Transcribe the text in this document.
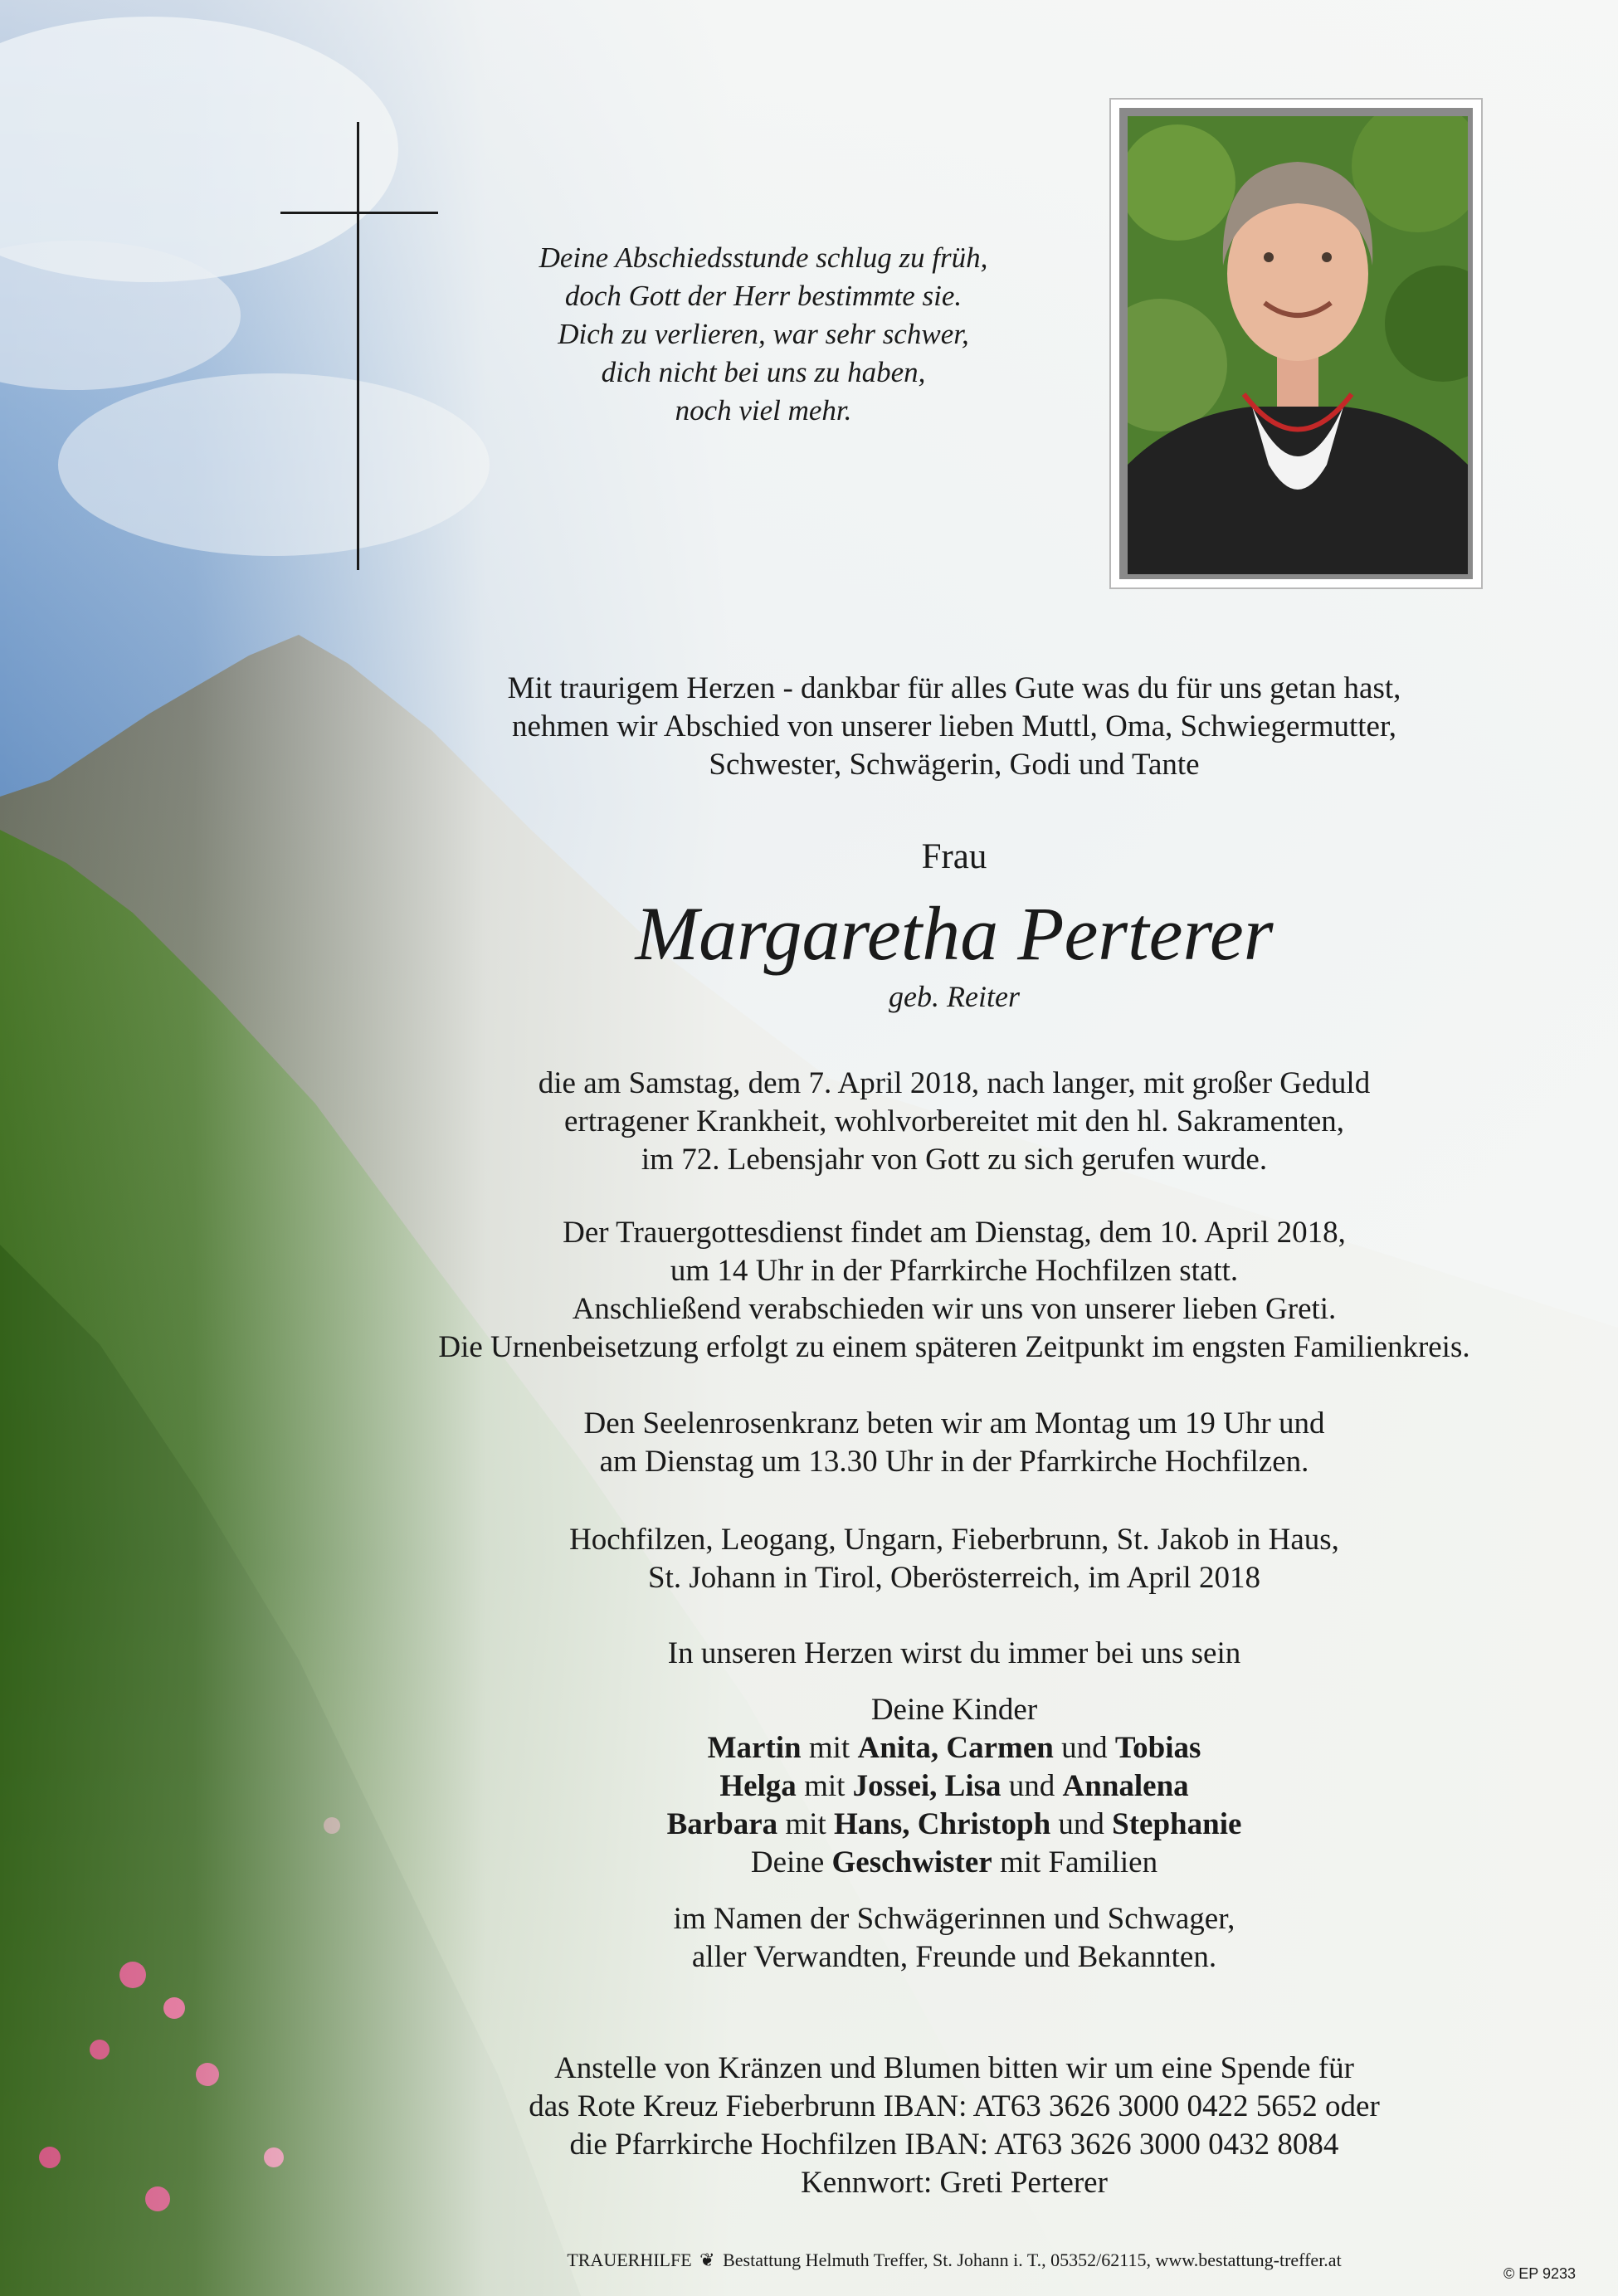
Deine Abschiedsstunde schlug zu früh,
doch Gott der Herr bestimmte sie.
Dich zu verlieren, war sehr schwer,
dich nicht bei uns zu haben,
noch viel mehr.
Mit traurigem Herzen - dankbar für alles Gute was du für uns getan hast,
nehmen wir Abschied von unserer lieben Muttl, Oma, Schwiegermutter,
Schwester, Schwägerin, Godi und Tante
Frau
Margaretha Perterer
geb. Reiter
die am Samstag, dem 7. April 2018, nach langer, mit großer Geduld
ertragener Krankheit, wohlvorbereitet mit den hl. Sakramenten,
im 72. Lebensjahr von Gott zu sich gerufen wurde.
Der Trauergottesdienst findet am Dienstag, dem 10. April 2018,
um 14 Uhr in der Pfarrkirche Hochfilzen statt.
Anschließend verabschieden wir uns von unserer lieben Greti.
Die Urnenbeisetzung erfolgt zu einem späteren Zeitpunkt im engsten Familienkreis.
Den Seelenrosenkranz beten wir am Montag um 19 Uhr und
am Dienstag um 13.30 Uhr in der Pfarrkirche Hochfilzen.
Hochfilzen, Leogang, Ungarn, Fieberbrunn, St. Jakob in Haus,
St. Johann in Tirol, Oberösterreich, im April 2018
In unseren Herzen wirst du immer bei uns sein
Deine Kinder
Martin mit Anita, Carmen und Tobias
Helga mit Jossei, Lisa und Annalena
Barbara mit Hans, Christoph und Stephanie
Deine Geschwister mit Familien
im Namen der Schwägerinnen und Schwager,
aller Verwandten, Freunde und Bekannten.
Anstelle von Kränzen und Blumen bitten wir um eine Spende für
das Rote Kreuz Fieberbrunn IBAN: AT63 3626 3000 0422 5652 oder
die Pfarrkirche Hochfilzen IBAN: AT63 3626 3000 0432 8084
Kennwort: Greti Perterer
TRAUERHILFE ❦ Bestattung Helmuth Treffer, St. Johann i. T., 05352/62115, www.bestattung-treffer.at
© EP 9233
